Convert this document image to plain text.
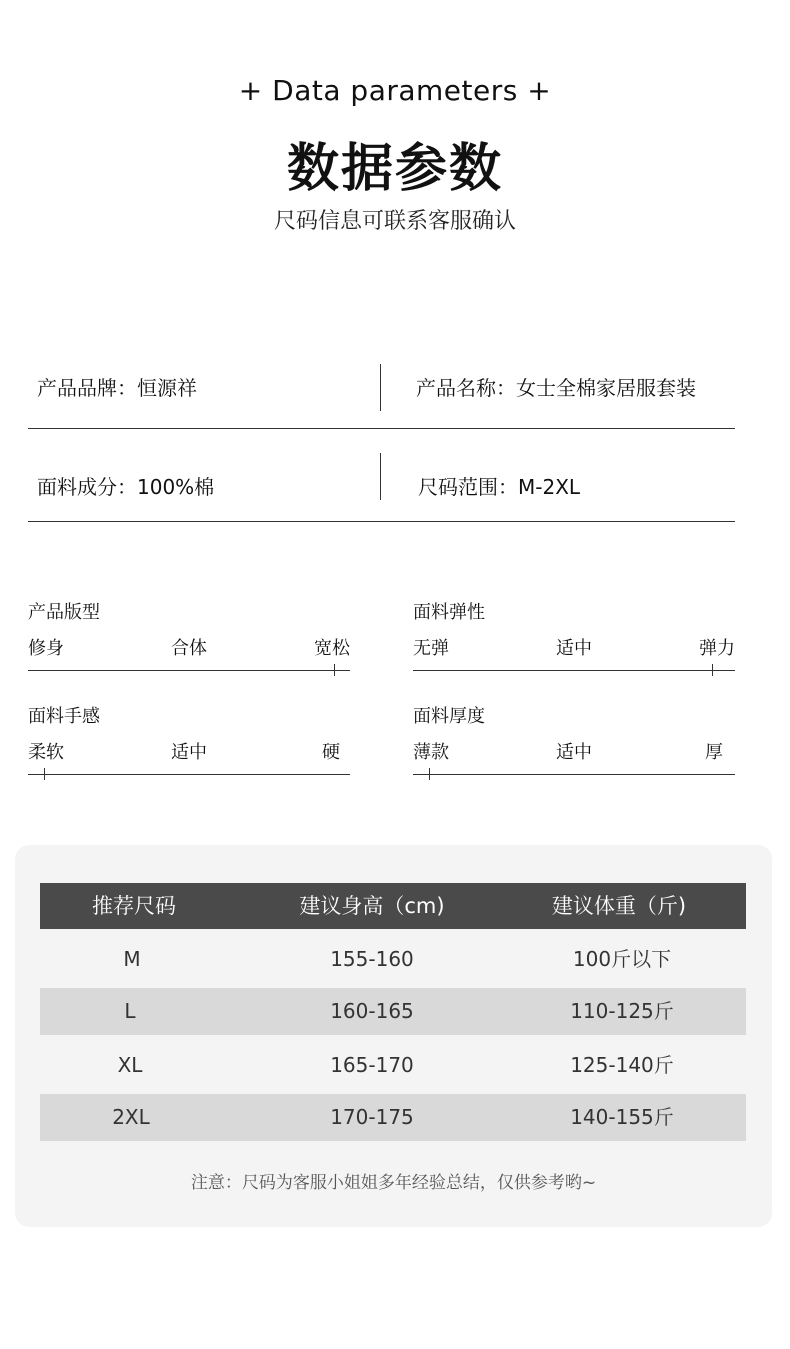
+ Data parameters +
数据参数
尺码信息可联系客服确认
产品品牌：恒源祥	产品名称：女士全棉家居服套装
面料成分：100%棉	尺码范围：M-2XL
产品版型
修身	合体	宽松
面料弹性
无弹	适中	弹力
面料手感
柔软	适中	硬
面料厚度
薄款	适中	厚
推荐尺码	建议身高（cm)	建议体重（斤)
M	155-160	100斤以下
L	160-165	110-125斤
XL	165-170	125-140斤
2XL	170-175	140-155斤
注意：尺码为客服小姐姐多年经验总结，仅供参考哟~
